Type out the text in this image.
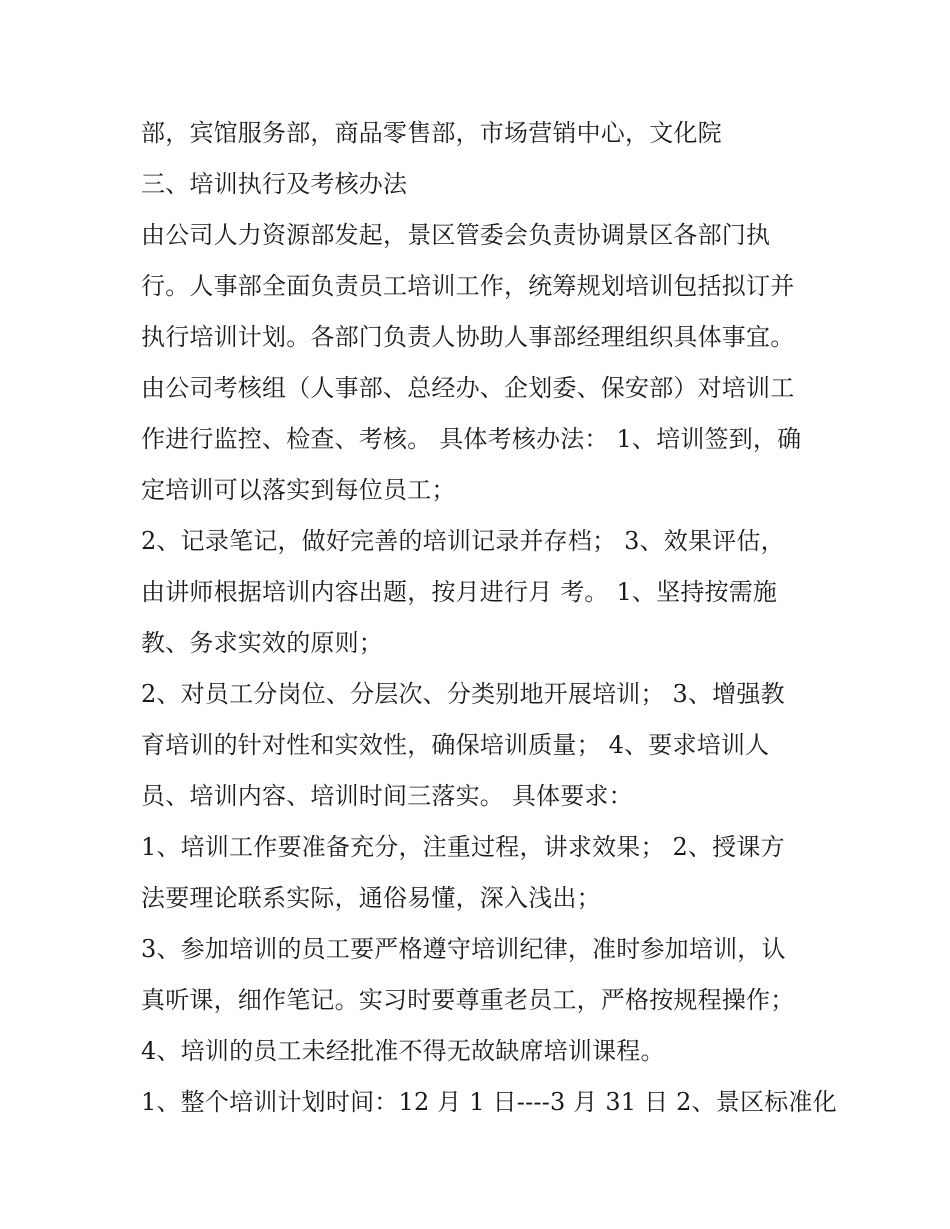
部，宾馆服务部，商品零售部，市场营销中心，文化院
三、培训执行及考核办法
由公司人力资源部发起，景区管委会负责协调景区各部门执
行。人事部全面负责员工培训工作，统筹规划培训包括拟订并
执行培训计划。各部门负责人协助人事部经理组织具体事宜。
由公司考核组（人事部、总经办、企划委、保安部）对培训工
作进行监控、检查、考核。 具体考核办法： 1、培训签到，确
定培训可以落实到每位员工；
2、记录笔记，做好完善的培训记录并存档； 3、效果评估，
由讲师根据培训内容出题，按月进行月 考。 1、坚持按需施
教、务求实效的原则；
2、对员工分岗位、分层次、分类别地开展培训； 3、增强教
育培训的针对性和实效性，确保培训质量； 4、要求培训人
员、培训内容、培训时间三落实。 具体要求：
1、培训工作要准备充分，注重过程，讲求效果； 2、授课方
法要理论联系实际，通俗易懂，深入浅出；
3、参加培训的员工要严格遵守培训纪律，准时参加培训，认
真听课，细作笔记。实习时要尊重老员工，严格按规程操作；
4、培训的员工未经批准不得无故缺席培训课程。
1、整个培训计划时间：12 月 1 日----3 月 31 日 2、景区标准化
